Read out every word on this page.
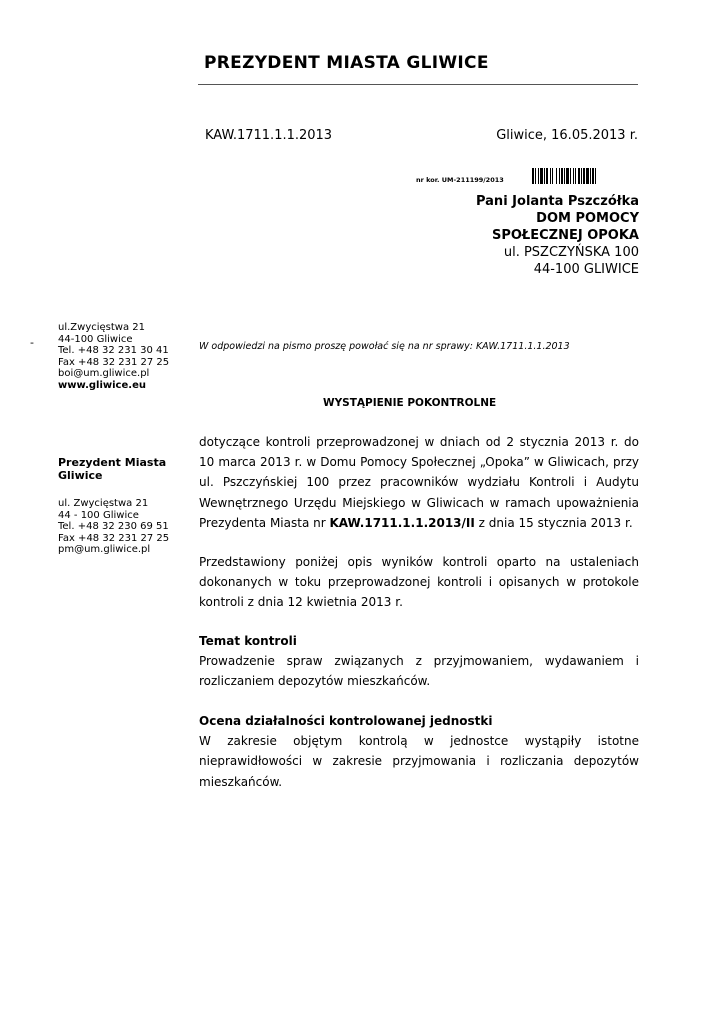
PREZYDENT MIASTA GLIWICE
KAW.1711.1.1.2013	Gliwice, 16.05.2013 r.
nr kor. UM-211199/2013
Pani Jolanta Pszczółka
DOM POMOCY
SPOŁECZNEJ OPOKA
ul. PSZCZYŃSKA 100
44-100 GLIWICE
-
ul.Zwycięstwa 21
44-100 Gliwice
Tel. +48 32 231 30 41
Fax +48 32 231 27 25
boi@um.gliwice.pl
www.gliwice.eu
Prezydent Miasta Gliwice
ul. Zwycięstwa 21
44 - 100 Gliwice
Tel. +48 32 230 69 51
Fax +48 32 231 27 25
pm@um.gliwice.pl
W odpowiedzi na pismo proszę powołać się na nr sprawy: KAW.1711.1.1.2013
WYSTĄPIENIE POKONTROLNE
dotyczące kontroli przeprowadzonej w dniach od 2 stycznia 2013 r. do 10 marca 2013 r. w Domu Pomocy Społecznej „Opoka” w Gliwicach, przy ul. Pszczyńskiej 100 przez pracowników wydziału Kontroli i Audytu Wewnętrznego Urzędu Miejskiego w Gliwicach w ramach upoważnienia Prezydenta Miasta nr KAW.1711.1.1.2013/II z dnia 15 stycznia 2013 r.
Przedstawiony poniżej opis wyników kontroli oparto na ustaleniach dokonanych w toku przeprowadzonej kontroli i opisanych w protokole kontroli z dnia 12 kwietnia 2013 r.
Temat kontroli
Prowadzenie spraw związanych z przyjmowaniem, wydawaniem i rozliczaniem depozytów mieszkańców.
Ocena działalności kontrolowanej jednostki
W zakresie objętym kontrolą w jednostce wystąpiły istotne nieprawidłowości w zakresie przyjmowania i rozliczania depozytów mieszkańców.
